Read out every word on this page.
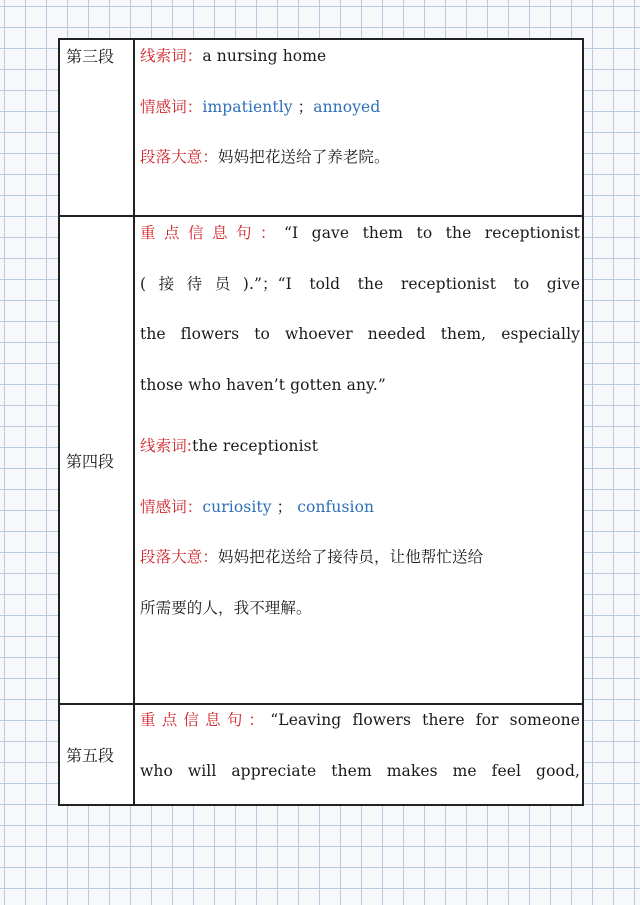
第三段	线索词：a nursing home
情感词：impatiently ；annoyed
段落大意：妈妈把花送给了养老院。
第四段
重点信息句：“I gave them to the receptionist
(接待员).”；“I told the receptionist to give
the flowers to whoever needed them, especially
those who haven’t gotten any.”
线索词:the receptionist
情感词：curiosity ； confusion
段落大意：妈妈把花送给了接待员，让他帮忙送给
所需要的人，我不理解。
第五段
重点信息句：“Leaving flowers there for someone
who will appreciate them makes me feel good,
